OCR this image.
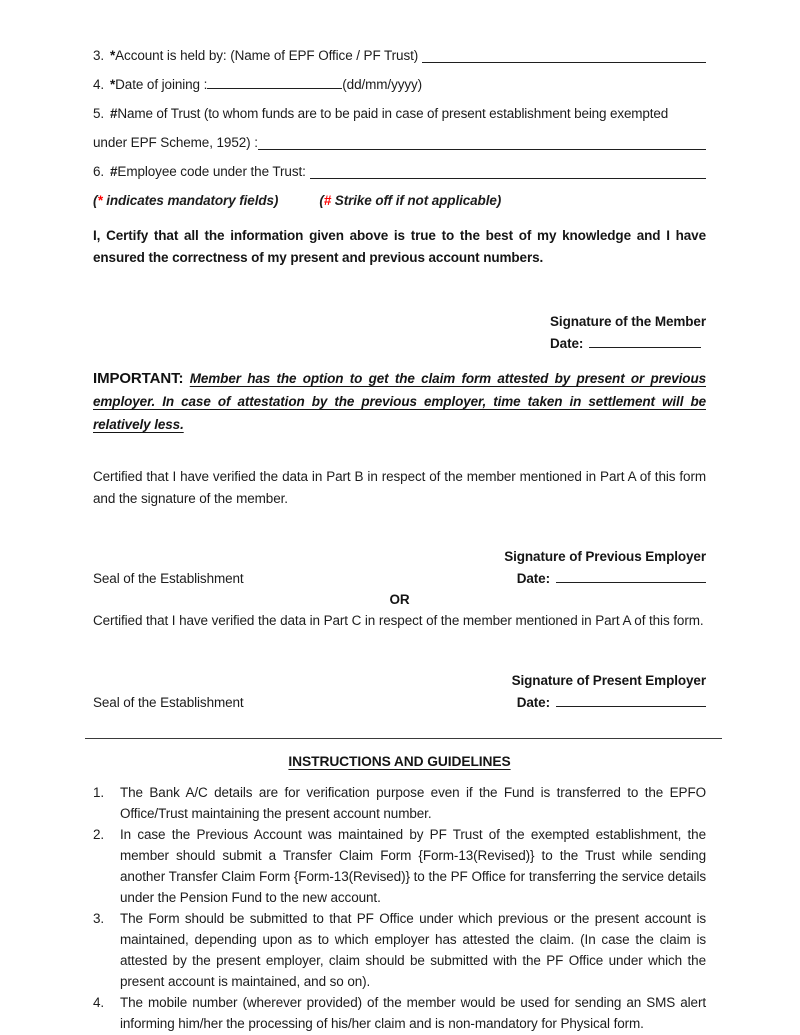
3. * Account is held by: (Name of EPF Office / PF Trust)
4. * Date of joining :	(dd/mm/yyyy)
5. # Name of Trust (to whom funds are to be paid in case of present establishment being exempted
under EPF Scheme, 1952) :
6. # Employee code under the Trust:
(* indicates mandatory fields)	(# Strike off if not applicable)

I, Certify that all the information given above is true to the best of my knowledge and I have ensured the correctness of my present and previous account numbers.

Signature of the Member
Date:

IMPORTANT: Member has the option to get the claim form attested by present or previous employer. In case of attestation by the previous employer, time taken in settlement will be relatively less.

Certified that I have verified the data in Part B in respect of the member mentioned in Part A of this form and the signature of the member.

Signature of Previous Employer
Seal of the Establishment	Date:
OR

Certified that I have verified the data in Part C in respect of the member mentioned in Part A of this form.

Signature of Present Employer
Seal of the Establishment	Date:
INSTRUCTIONS AND GUIDELINES
1.	The Bank A/C details are for verification purpose even if the Fund is transferred to the EPFO Office/Trust maintaining the present account number.
2.	In case the Previous Account was maintained by PF Trust of the exempted establishment, the member should submit a Transfer Claim Form {Form-13(Revised)} to the Trust while sending another Transfer Claim Form {Form-13(Revised)} to the PF Office for transferring the service details under the Pension Fund to the new account.
3.	The Form should be submitted to that PF Office under which previous or the present account is maintained, depending upon as to which employer has attested the claim. (In case the claim is attested by the present employer, claim should be submitted with the PF Office under which the present account is maintained, and so on).
4.	The mobile number (wherever provided) of the member would be used for sending an SMS alert informing him/her the processing of his/her claim and is non-mandatory for Physical form.
